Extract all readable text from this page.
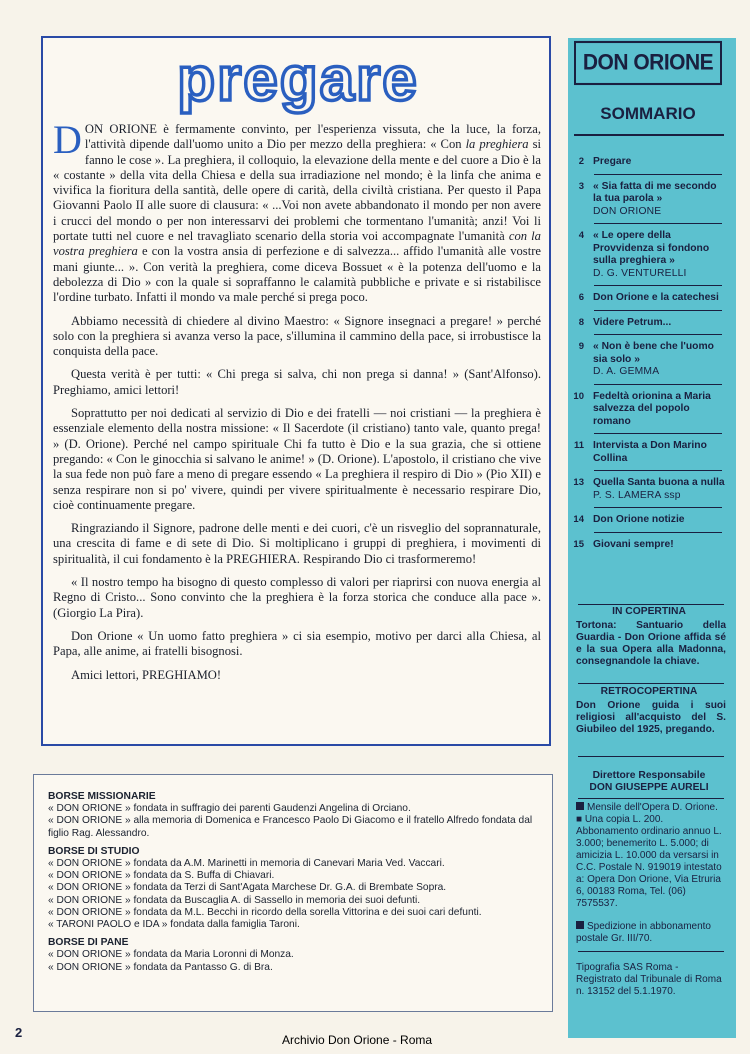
pregare

DON ORIONE è fermamente convinto, per l'esperienza vissuta, che la luce, la forza, l'attività dipende dall'uomo unito a Dio per mezzo della preghiera: « Con la preghiera si fanno le cose ». La preghiera, il colloquio, la elevazione della mente e del cuore a Dio è la « costante » della vita della Chiesa e della sua irradiazione nel mondo; è la linfa che anima e vivifica la fioritura della santità, delle opere di carità, della civiltà cristiana. Per questo il Papa Giovanni Paolo II alle suore di clausura: « ...Voi non avete abbandonato il mondo per non avere i crucci del mondo o per non interessarvi dei problemi che tormentano l'umanità; anzi! Voi li portate tutti nel cuore e nel travagliato scenario della storia voi accompagnate l'umanità con la vostra preghiera e con la vostra ansia di perfezione e di salvezza... affido l'umanità alle vostre mani giunte... ». Con verità la preghiera, come diceva Bossuet « è la potenza dell'uomo e la debolezza di Dio » con la quale si sopraffanno le calamità pubbliche e private e si ristabilisce l'ordine turbato. Infatti il mondo va male perché si prega poco.

Abbiamo necessità di chiedere al divino Maestro: « Signore insegnaci a pregare! » perché solo con la preghiera si avanza verso la pace, s'illumina il cammino della pace, si irrobustisce la conquista della pace.

Questa verità è per tutti: « Chi prega si salva, chi non prega si danna! » (Sant'Alfonso). Preghiamo, amici lettori!

Soprattutto per noi dedicati al servizio di Dio e dei fratelli — noi cristiani — la preghiera è essenziale elemento della nostra missione: « Il Sacerdote (il cristiano) tanto vale, quanto prega! » (D. Orione). Perché nel campo spirituale Chi fa tutto è Dio e la sua grazia, che si ottiene pregando: « Con le ginocchia si salvano le anime! » (D. Orione). L'apostolo, il cristiano che vive la sua fede non può fare a meno di pregare essendo « La preghiera il respiro di Dio » (Pio XII) e senza respirare non si po' vivere, quindi per vivere spiritualmente è necessario respirare Dio, cioè continuamente pregare.

Ringraziando il Signore, padrone delle menti e dei cuori, c'è un risveglio del soprannaturale, una crescita di fame e di sete di Dio. Si moltiplicano i gruppi di preghiera, i movimenti di spiritualità, il cui fondamento è la PREGHIERA. Respirando Dio ci trasformeremo!

« Il nostro tempo ha bisogno di questo complesso di valori per riaprirsi con nuova energia al Regno di Cristo... Sono convinto che la preghiera è la forza storica che conduce alla pace ». (Giorgio La Pira).

Don Orione « Un uomo fatto preghiera » ci sia esempio, motivo per darci alla Chiesa, al Papa, alle anime, ai fratelli bisognosi.

Amici lettori, PREGHIAMO!

BORSE MISSIONARIE
« DON ORIONE » fondata in suffragio dei parenti Gaudenzi Angelina di Orciano.
« DON ORIONE » alla memoria di Domenica e Francesco Paolo Di Giacomo e il fratello Alfredo fondata dal figlio Rag. Alessandro.
BORSE DI STUDIO
« DON ORIONE » fondata da A.M. Marinetti in memoria di Canevari Maria Ved. Vaccari.
« DON ORIONE » fondata da S. Buffa di Chiavari.
« DON ORIONE » fondata da Terzi di Sant'Agata Marchese Dr. G.A. di Brembate Sopra.
« DON ORIONE » fondata da Buscaglia A. di Sassello in memoria dei suoi defunti.
« DON ORIONE » fondata da M.L. Becchi in ricordo della sorella Vittorina e dei suoi cari defunti.
« TARONI PAOLO e IDA » fondata dalla famiglia Taroni.
BORSE DI PANE
« DON ORIONE » fondata da Maria Loronni di Monza.
« DON ORIONE » fondata da Pantasso G. di Bra.
DON ORIONE
SOMMARIO
2 Pregare
3 « Sia fatta di me secondo la tua parola »
DON ORIONE
4 « Le opere della Provvidenza si fondono sulla preghiera »
D. G. VENTURELLI
6 Don Orione e la catechesi
8 Videre Petrum...
9 « Non è bene che l'uomo sia solo »
D. A. GEMMA
10 Fedeltà orionina a Maria salvezza del popolo romano
11 Intervista a Don Marino Collina
13 Quella Santa buona a nulla
P. S. LAMERA ssp
14 Don Orione notizie
15 Giovani sempre!
IN COPERTINA
Tortona: Santuario della Guardia - Don Orione affida sé e la sua Opera alla Madonna, consegnandole la chiave.
RETROCOPERTINA
Don Orione guida i suoi religiosi all'acquisto del S. Giubileo del 1925, pregando.
Direttore Responsabile
DON GIUSEPPE AURELI
Mensile dell'Opera D. Orione. ■ Una copia L. 200. Abbonamento ordinario annuo L. 3.000; benemerito L. 5.000; di amicizia L. 10.000 da versarsi in C.C. Postale N. 919019 intestato a: Opera Don Orione, Via Etruria 6, 00183 Roma, Tel. (06) 7575537.
Spedizione in abbonamento postale Gr. III/70.
Tipografia SAS Roma - Registrato dal Tribunale di Roma n. 13152 del 5.1.1970.
2	Archivio Don Orione - Roma
